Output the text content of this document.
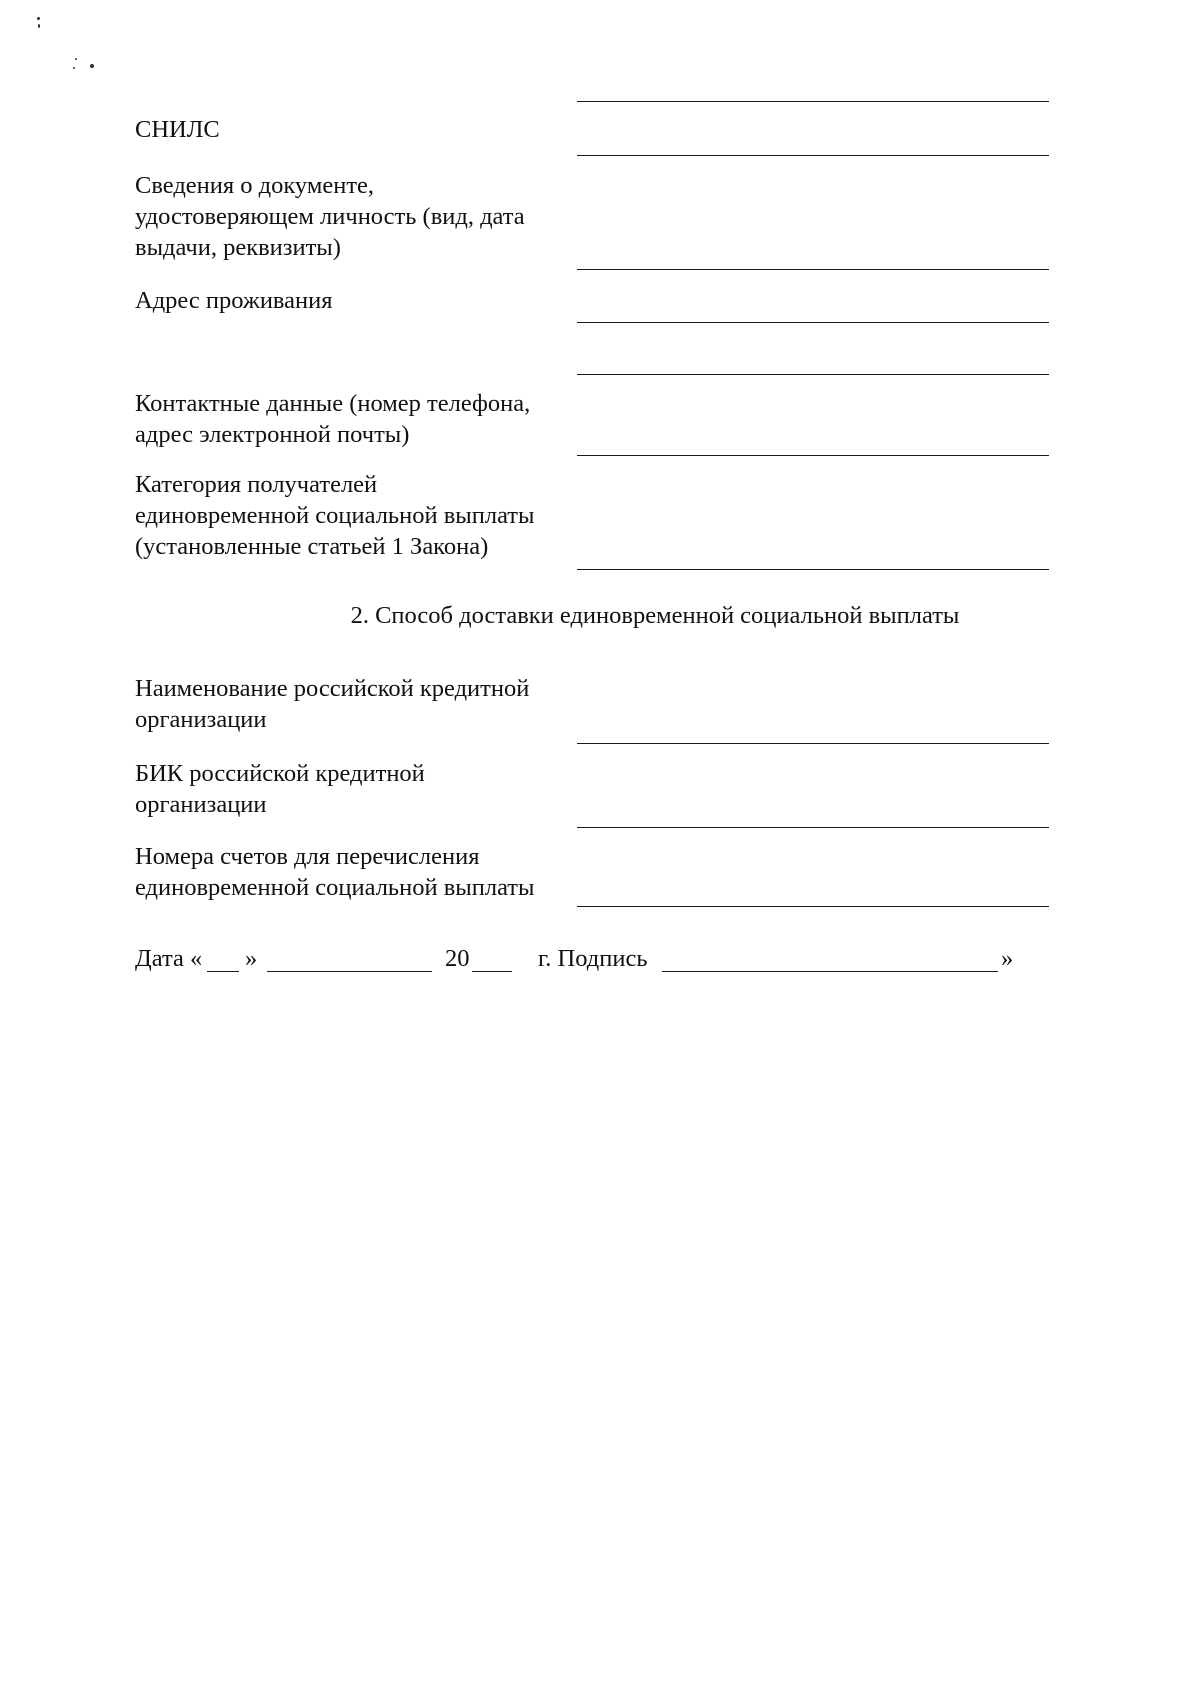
СНИЛС
Сведения о документе,
удостоверяющем личность (вид, дата
выдачи, реквизиты)
Адрес проживания
Контактные данные (номер телефона,
адрес электронной почты)
Категория получателей
единовременной социальной выплаты
(установленные статьей 1 Закона)
2. Способ доставки единовременной социальной выплаты
Наименование российской кредитной
организации
БИК российской кредитной
организации
Номера счетов для перечисления
единовременной социальной выплаты
Дата « »	20	г. Подпись	»
